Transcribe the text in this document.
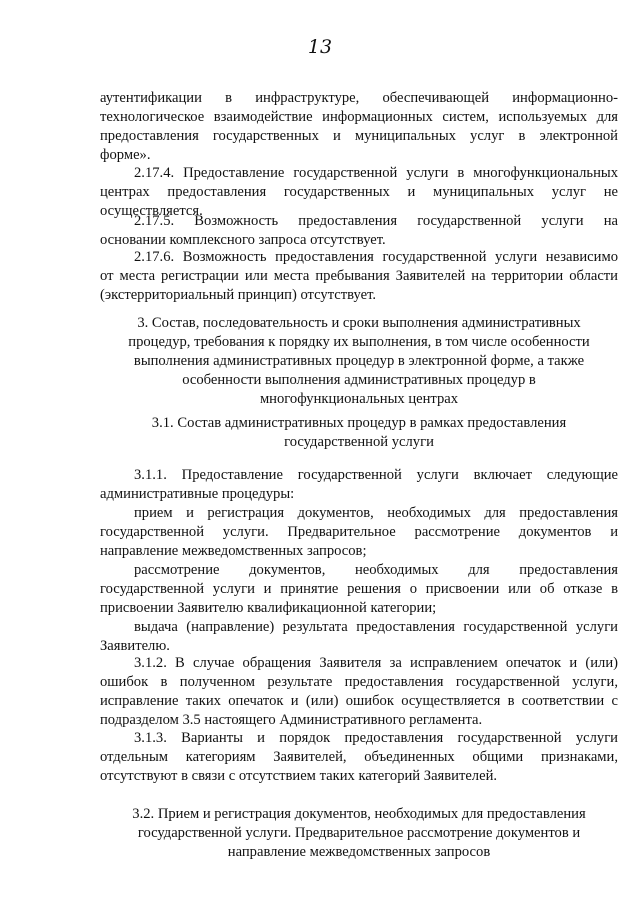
13

аутентификации в инфраструктуре, обеспечивающей информационно-

технологическое взаимодействие информационных систем, используемых для

предоставления государственных и муниципальных услуг в электронной

форме».

2.17.4. Предоставление государственной услуги в многофункциональных

центрах предоставления государственных и муниципальных услуг не

осуществляется.

2.17.5. Возможность предоставления государственной услуги на

основании комплексного запроса отсутствует.

2.17.6. Возможность предоставления государственной услуги независимо

от места регистрации или места пребывания Заявителей на территории области

(экстерриториальный принцип) отсутствует.

3. Состав, последовательность и сроки выполнения административных
процедур, требования к порядку их выполнения, в том числе особенности
выполнения административных процедур в электронной форме, а также
особенности выполнения административных процедур в
многофункциональных центрах
3.1. Состав административных процедур в рамках предоставления
государственной услуги

3.1.1. Предоставление государственной услуги включает следующие

административные процедуры:

прием и регистрация документов, необходимых для предоставления

государственной услуги. Предварительное рассмотрение документов и

направление межведомственных запросов;

рассмотрение документов, необходимых для предоставления

государственной услуги и принятие решения о присвоении или об отказе в

присвоении Заявителю квалификационной категории;

выдача (направление) результата предоставления государственной услуги

Заявителю.

3.1.2. В случае обращения Заявителя за исправлением опечаток и (или)

ошибок в полученном результате предоставления государственной услуги,

исправление таких опечаток и (или) ошибок осуществляется в соответствии с

подразделом 3.5 настоящего Административного регламента.

3.1.3. Варианты и порядок предоставления государственной услуги

отдельным категориям Заявителей, объединенных общими признаками,

отсутствуют в связи с отсутствием таких категорий Заявителей.

3.2. Прием и регистрация документов, необходимых для предоставления
государственной услуги. Предварительное рассмотрение документов и
направление межведомственных запросов
